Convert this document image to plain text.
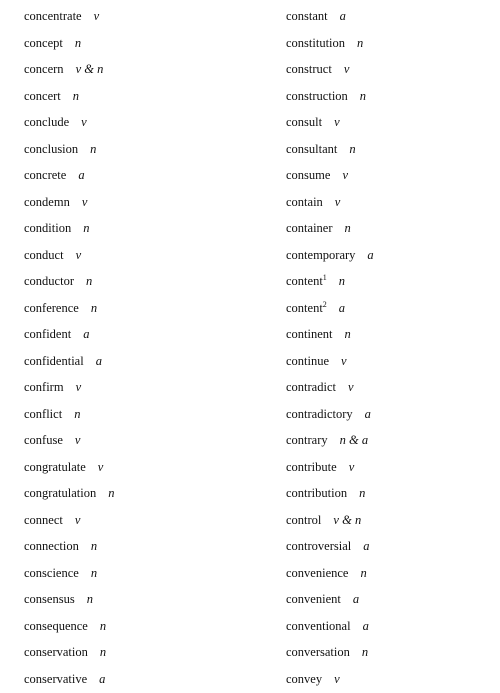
concentrate v
concept n
concern v & n
concert n
conclude v
conclusion n
concrete a
condemn v
condition n
conduct v
conductor n
conference n
confident a
confidential a
confirm v
conflict n
confuse v
congratulate v
congratulation n
connect v
connection n
conscience n
consensus n
consequence n
conservation n
conservative a
constant a
constitution n
construct v
construction n
consult v
consultant n
consume v
contain v
container n
contemporary a
content$^1$ n
content$^2$ a
continent n
continue v
contradict v
contradictory a
contrary n & a
contribute v
contribution n
control v & n
controversial a
convenience n
convenient a
conventional a
conversation n
convey v
